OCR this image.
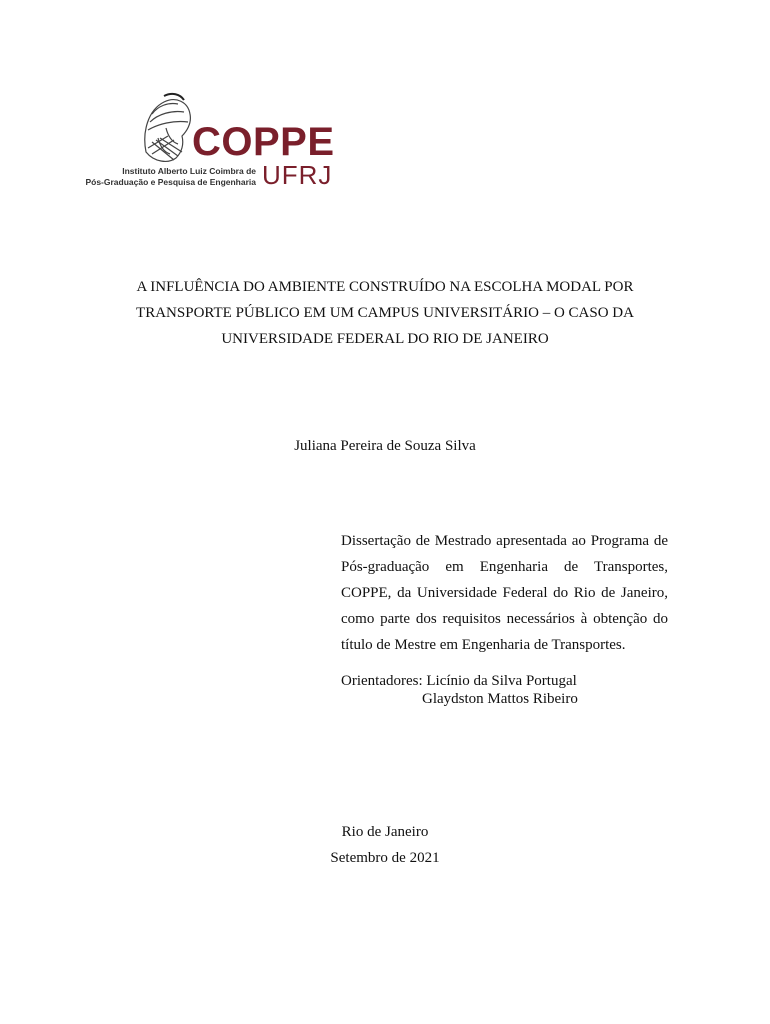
COPPE
UFRJ
Instituto Alberto Luiz Coimbra de
Pós-Graduação e Pesquisa de Engenharia
A INFLUÊNCIA DO AMBIENTE CONSTRUÍDO NA ESCOLHA MODAL POR
TRANSPORTE PÚBLICO EM UM CAMPUS UNIVERSITÁRIO – O CASO DA
UNIVERSIDADE FEDERAL DO RIO DE JANEIRO
Juliana Pereira de Souza Silva
Dissertação de Mestrado apresentada ao Programa de
Pós-graduação em Engenharia de Transportes,
COPPE, da Universidade Federal do Rio de Janeiro,
como parte dos requisitos necessários à obtenção do
título de Mestre em Engenharia de Transportes.
Orientadores: Licínio da Silva Portugal
Glaydston Mattos Ribeiro
Rio de Janeiro
Setembro de 2021
